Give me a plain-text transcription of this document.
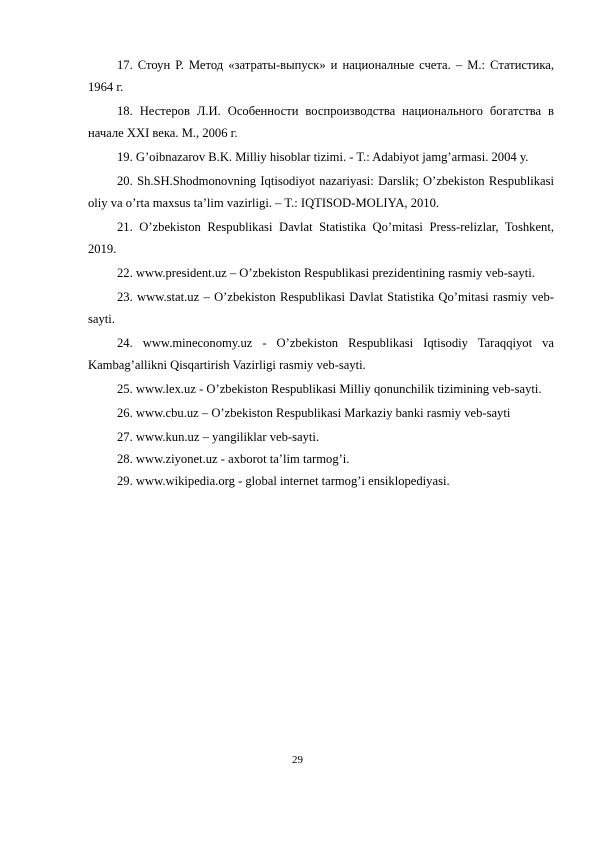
17. Стоун Р. Метод «затраты-выпуск» и националные счета. – М.: Статистика, 1964 г.

18. Нестеров Л.И. Особенности воспроизводства национального богатства в начале XXI века. М., 2006 г.

19. G’oibnazarov B.K. Milliy hisoblar tizimi. - T.: Adabiyot jamg’armasi. 2004 y.

20. Sh.SH.Shodmonovning Iqtisodiyot nazariyasi: Darslik; O’zbekiston Respublikasi oliy va o’rta maxsus ta’lim vazirligi. – T.: IQTISOD-MOLIYA, 2010.

21. O’zbekiston Respublikasi Davlat Statistika Qo’mitasi Press-relizlar, Toshkent, 2019.

22. www.president.uz – O’zbekiston Respublikasi prezidentining rasmiy veb-sayti.

23. www.stat.uz – O’zbekiston Respublikasi Davlat Statistika Qo’mitasi rasmiy veb-sayti.

24. www.mineconomy.uz - O’zbekiston Respublikasi Iqtisodiy Taraqqiyot va Kambag’allikni Qisqartirish Vazirligi rasmiy veb-sayti.

25. www.lex.uz - O’zbekiston Respublikasi Milliy qonunchilik tizimining veb-sayti.

26. www.cbu.uz – O’zbekiston Respublikasi Markaziy banki rasmiy veb-sayti

27. www.kun.uz – yangiliklar veb-sayti.

28. www.ziyonet.uz - axborot ta’lim tarmog’i.

29. www.wikipedia.org - global internet tarmog’i ensiklopediyasi.

29
